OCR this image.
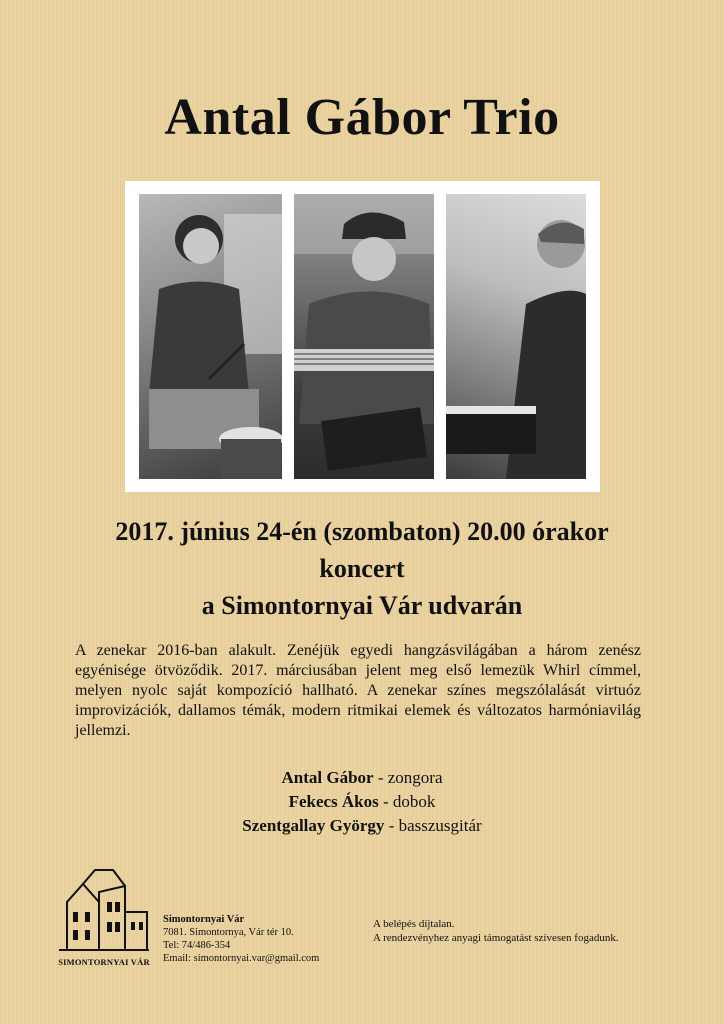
Antal Gábor Trio
2017. június 24-én (szombaton) 20.00 órakor
koncert
a Simontornyai Vár udvarán
A zenekar 2016-ban alakult. Zenéjük egyedi hangzásvilágában a három zenész egyénisége ötvöződik. 2017. márciusában jelent meg első lemezük Whirl címmel, melyen nyolc saját kompozíció hallható. A zenekar színes megszólalását virtuóz improvizációk, dallamos témák, modern ritmikai elemek és változatos harmóniavilág jellemzi.
Antal Gábor - zongora
Fekecs Ákos - dobok
Szentgallay György - basszusgitár
SIMONTORNYAI VÁR
Simontornyai Vár
7081. Simontornya, Vár tér 10.
Tel: 74/486-354
Email: simontornyai.var@gmail.com
A belépés díjtalan.
A rendezvényhez anyagi támogatást szívesen fogadunk.
